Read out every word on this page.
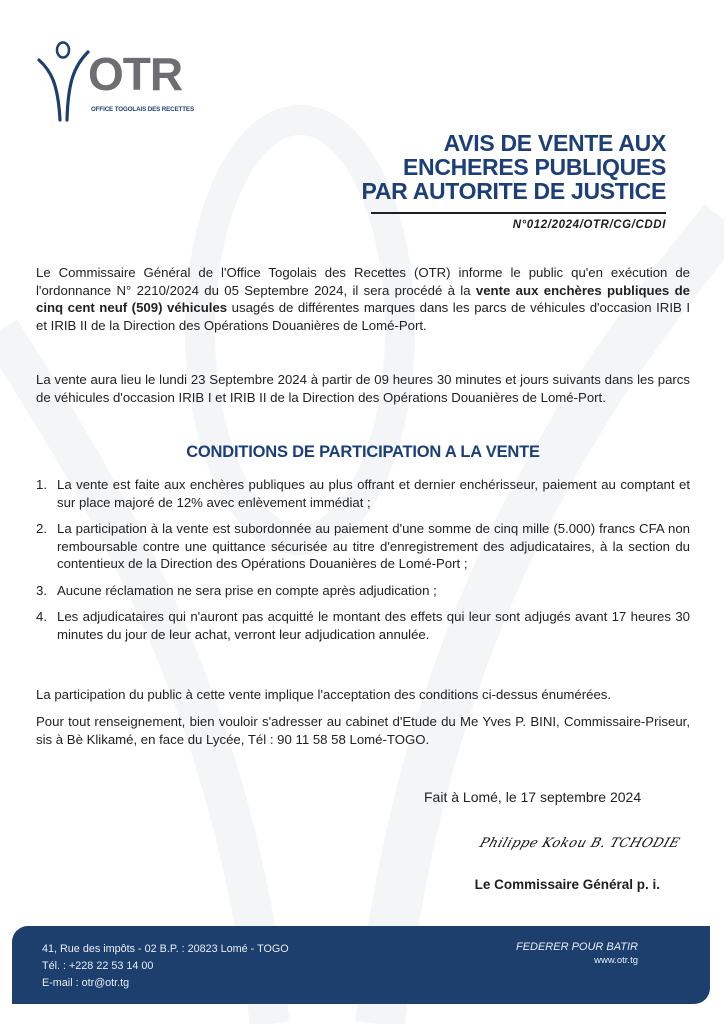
OTR
OFFICE TOGOLAIS DES RECETTES
AVIS DE VENTE AUX
ENCHERES PUBLIQUES
PAR AUTORITE DE JUSTICE
N°012/2024/OTR/CG/CDDI
Le Commissaire Général de l'Office Togolais des Recettes (OTR) informe le public qu'en exécution de l'ordonnance N° 2210/2024 du 05 Septembre 2024, il sera procédé à la vente aux enchères publiques de cinq cent neuf (509) véhicules usagés de différentes marques dans les parcs de véhicules d'occasion IRIB I et IRIB II de la Direction des Opérations Douanières de Lomé-Port.
La vente aura lieu le lundi 23 Septembre 2024 à partir de 09 heures 30 minutes et jours suivants dans les parcs de véhicules d'occasion IRIB I et IRIB II de la Direction des Opérations Douanières de Lomé-Port.
CONDITIONS DE PARTICIPATION A LA VENTE
1. La vente est faite aux enchères publiques au plus offrant et dernier enchérisseur, paiement au comptant et sur place majoré de 12% avec enlèvement immédiat ;
2. La participation à la vente est subordonnée au paiement d'une somme de cinq mille (5.000) francs CFA non remboursable contre une quittance sécurisée au titre d'enregistrement des adjudicataires, à la section du contentieux de la Direction des Opérations Douanières de Lomé-Port ;
3. Aucune réclamation ne sera prise en compte après adjudication ;
4. Les adjudicataires qui n'auront pas acquitté le montant des effets qui leur sont adjugés avant 17 heures 30 minutes du jour de leur achat, verront leur adjudication annulée.
La participation du public à cette vente implique l'acceptation des conditions ci-dessus énumérées.
Pour tout renseignement, bien vouloir s'adresser au cabinet d'Etude du Me Yves P. BINI, Commissaire-Priseur, sis à Bè Klikamé, en face du Lycée, Tél : 90 11 58 58 Lomé-TOGO.
Fait à Lomé, le 17 septembre 2024
Philippe Kokou B. TCHODIE
Le Commissaire Général p. i.
41, Rue des impôts - 02 B.P. : 20823 Lomé - TOGO
Tél. : +228 22 53 14 00
E-mail : otr@otr.tg
FEDERER POUR BATIR
www.otr.tg
